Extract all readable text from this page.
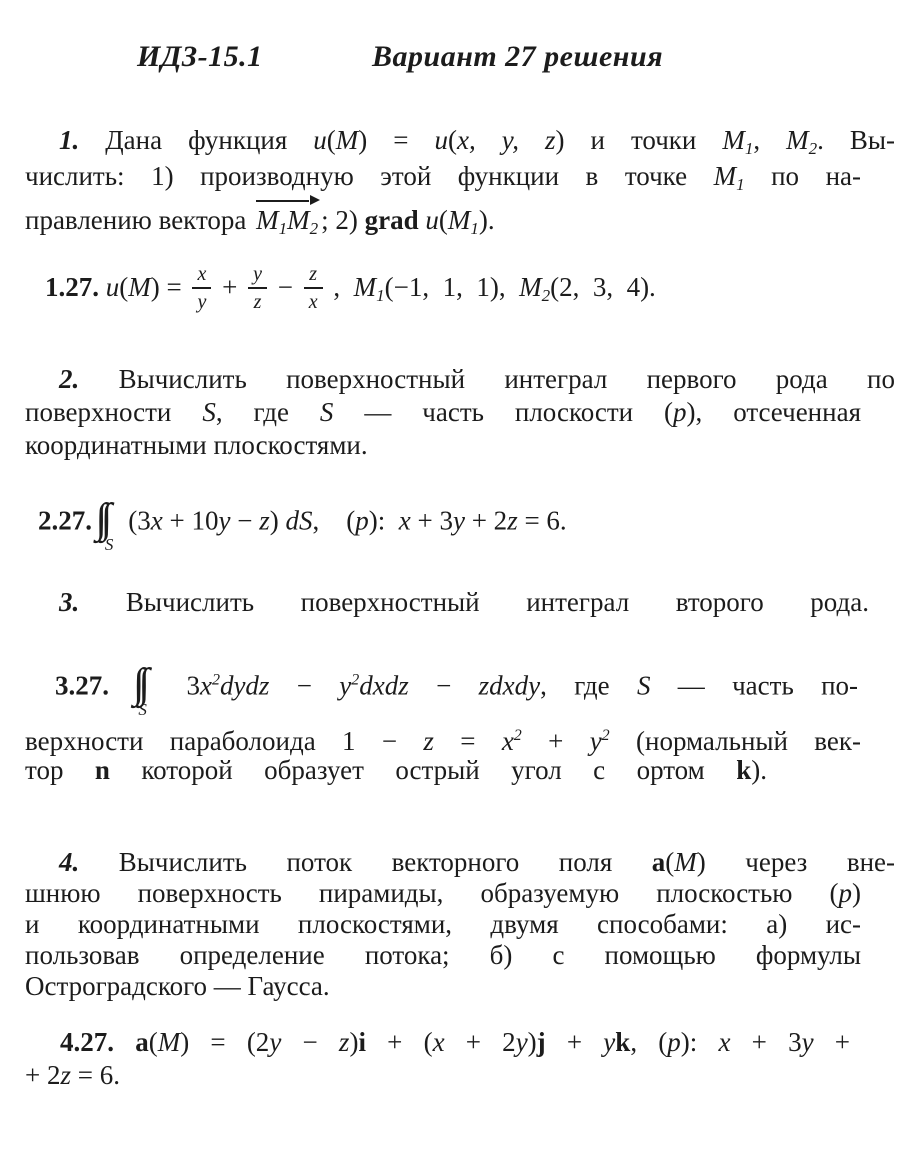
ИДЗ-15.1	Вариант 27 решения
1. Дана функция u(M) = u(x, y, z) и точки M1, M2. Вы-
числить: 1) производную этой функции в точке M1 по на-
правлению вектора M1M2 ; 2) grad u(M1).
1.27. $u(M) = \frac{x}{y} + \frac{y}{z} - \frac{z}{x}$ ,  M1(−1,  1,  1),  M2(2,  3,  4).
2. Вычислить поверхностный интеграл первого рода по
поверхности S, где S — часть плоскости (p), отсеченная
координатными плоскостями.
2.27.
S
(3x + 10y − z) dS,    (p):  x + 3y + 2z = 6.
3. Вычислить поверхностный интеграл второго рода.
3.27.
S
$3x^2dydz$ − $y^2dxdz$ − zdxdy, где S — часть по-
верхности параболоида $1 - z = x^2 + y^2$ (нормальный век-
тор n которой образует острый угол с ортом k).
4. Вычислить поток векторного поля a(M) через вне-
шнюю поверхность пирамиды, образуемую плоскостью (p)
и координатными плоскостями, двумя способами: а) ис-
пользовав определение потока; б) с помощью формулы
Остроградского — Гаусса.
4.27. a(M) = (2y − z)i + (x + 2y)j + yk, (p): x + 3y +
+ 2z = 6.
